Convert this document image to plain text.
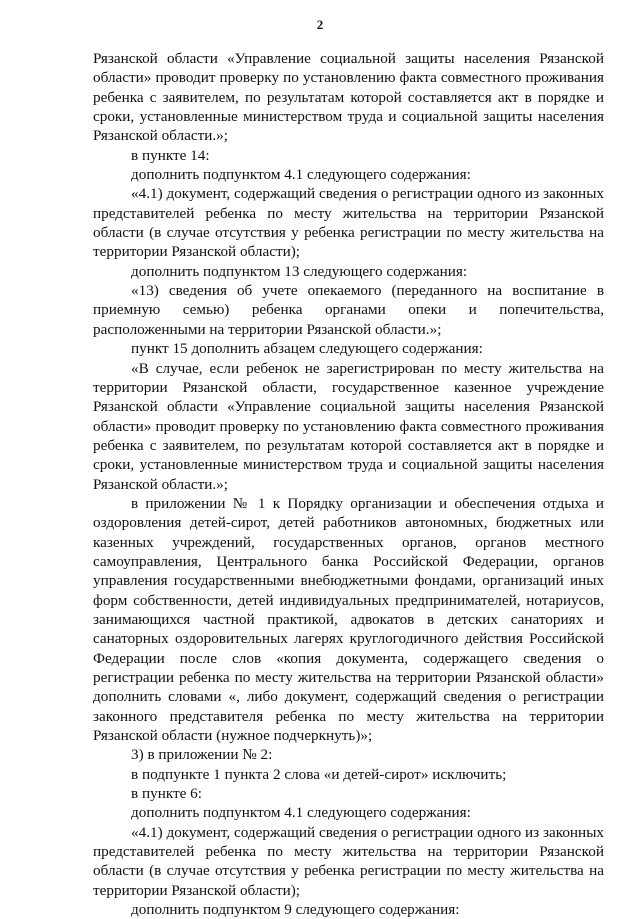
2

Рязанской области «Управление социальной защиты населения Рязанской области» проводит проверку по установлению факта совместного проживания ребенка с заявителем, по результатам которой составляется акт в порядке и сроки, установленные министерством труда и социальной защиты населения Рязанской области.»;

в пункте 14:

дополнить подпунктом 4.1 следующего содержания:

«4.1) документ, содержащий сведения о регистрации одного из законных представителей ребенка по месту жительства на территории Рязанской области (в случае отсутствия у ребенка регистрации по месту жительства на территории Рязанской области);

дополнить подпунктом 13 следующего содержания:

«13) сведения об учете опекаемого (переданного на воспитание в приемную семью) ребенка органами опеки и попечительства, расположенными на территории Рязанской области.»;

пункт 15 дополнить абзацем следующего содержания:

«В случае, если ребенок не зарегистрирован по месту жительства на территории Рязанской области, государственное казенное учреждение Рязанской области «Управление социальной защиты населения Рязанской области» проводит проверку по установлению факта совместного проживания ребенка с заявителем, по результатам которой составляется акт в порядке и сроки, установленные министерством труда и социальной защиты населения Рязанской области.»;

в приложении № 1 к Порядку организации и обеспечения отдыха и оздоровления детей-сирот, детей работников автономных, бюджетных или казенных учреждений, государственных органов, органов местного самоуправления, Центрального банка Российской Федерации, органов управления государственными внебюджетными фондами, организаций иных форм собственности, детей индивидуальных предпринимателей, нотариусов, занимающихся частной практикой, адвокатов в детских санаториях и санаторных оздоровительных лагерях круглогодичного действия Российской Федерации после слов «копия документа, содержащего сведения о регистрации ребенка по месту жительства на территории Рязанской области» дополнить словами «, либо документ, содержащий сведения о регистрации законного представителя ребенка по месту жительства на территории Рязанской области (нужное подчеркнуть)»;

3) в приложении № 2:

в подпункте 1 пункта 2 слова «и детей-сирот» исключить;

в пункте 6:

дополнить подпунктом 4.1 следующего содержания:

«4.1) документ, содержащий сведения о регистрации одного из законных представителей ребенка по месту жительства на территории Рязанской области (в случае отсутствия у ребенка регистрации по месту жительства на территории Рязанской области);

дополнить подпунктом 9 следующего содержания:
